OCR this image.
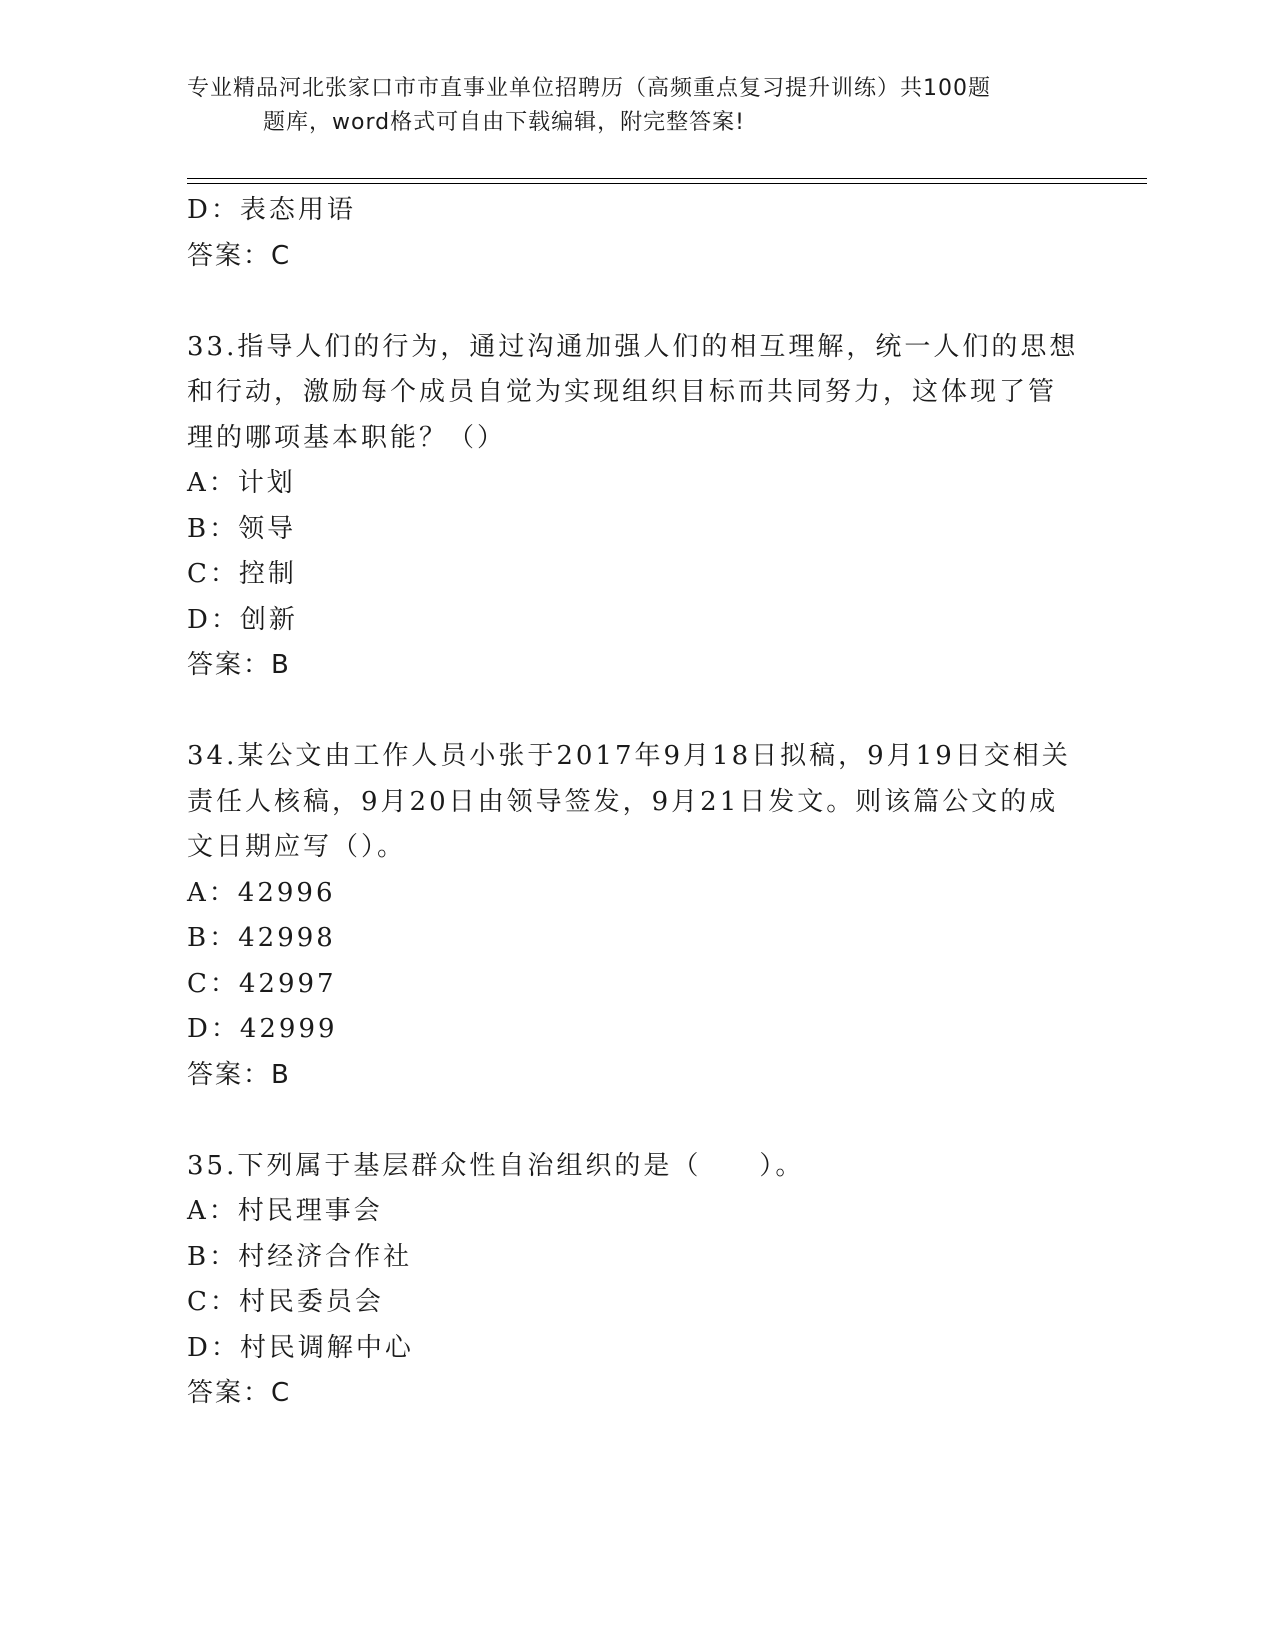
专业精品河北张家口市市直事业单位招聘历（高频重点复习提升训练）共100题
题库，word格式可自由下载编辑，附完整答案!
D：表态用语
答案：C
33.指导人们的行为，通过沟通加强人们的相互理解，统一人们的思想
和行动，激励每个成员自觉为实现组织目标而共同努力，这体现了管
理的哪项基本职能？（）
A：计划
B：领导
C：控制
D：创新
答案：B
34.某公文由工作人员小张于2017年9月18日拟稿，9月19日交相关
责任人核稿，9月20日由领导签发，9月21日发文。则该篇公文的成
文日期应写（）。
A：42996
B：42998
C：42997
D：42999
答案：B
35.下列属于基层群众性自治组织的是（　　）。
A：村民理事会
B：村经济合作社
C：村民委员会
D：村民调解中心
答案：C
